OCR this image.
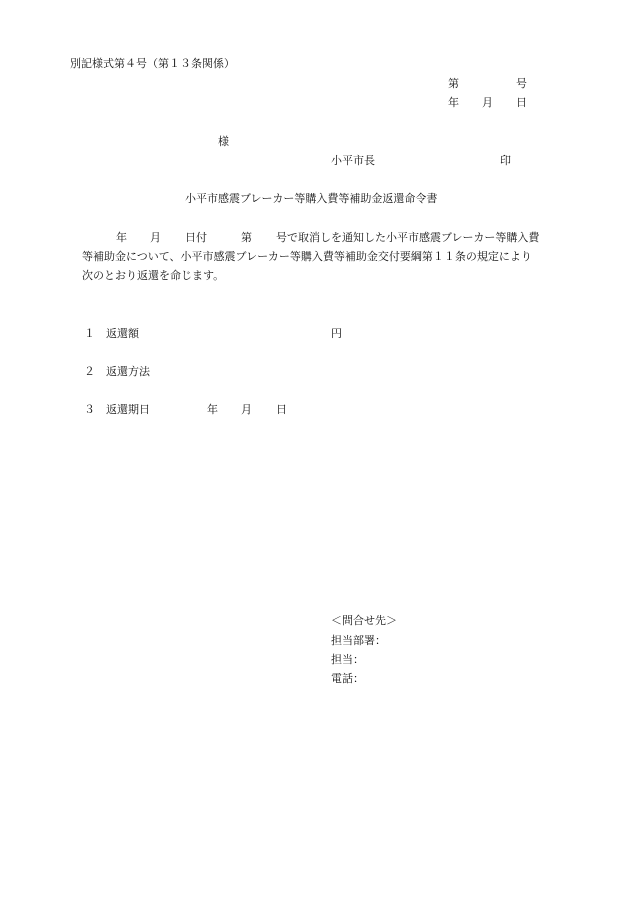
別記様式第４号（第１３条関係）
第	号
年 月 日
様
小平市長	印
小平市感震ブレーカー等購入費等補助金返還命令書
年 月 日付	第 号で取消しを通知した小平市感震ブレーカー等購入費
等補助金について、小平市感震ブレーカー等購入費等補助金交付要綱第１１条の規定により
次のとおり返還を命じます。
１ 返還額	円
２ 返還方法
３ 返還期日	年 月 日
＜問合せ先＞
担当部署：
担当：
電話：
